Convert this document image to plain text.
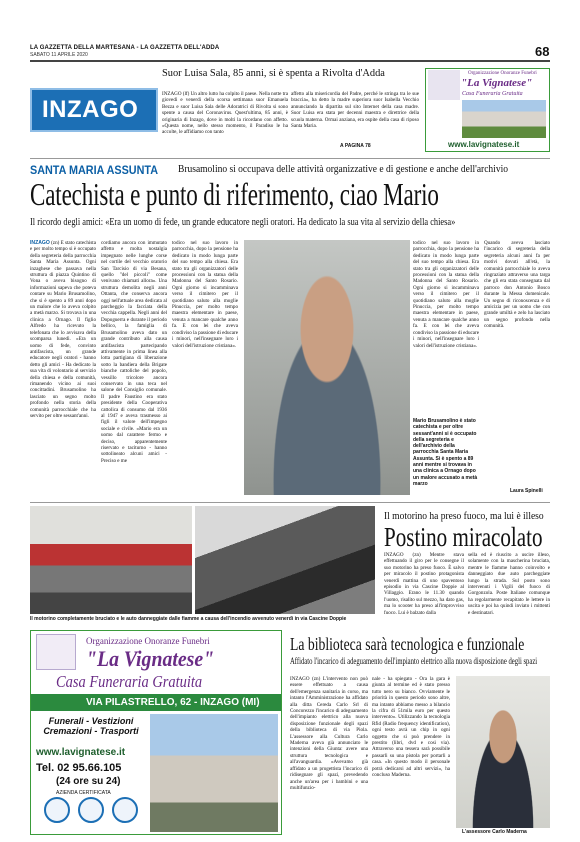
LA GAZZETTA DELLA MARTESANA - LA GAZZETTA DELL'ADDA
SABATO 11 APRILE 2020	68
INZAGO
Suor Luisa Sala, 85 anni, si è spenta a Rivolta d'Adda
INZAGO (lf) Un altro lutto ha colpito il paese. Nella notte tra giovedì e venerdì della scorsa settimana suor Emanuela Bezza e suor Luisa Sala delle Adoratrici di Rivolta si sono spente a causa del Coronavirus. Quest'ultima, 85 anni, è originaria di Inzago, dove in molti la ricordano con affetto. «Questa nome, nello stesso momento, il Paradiso le ha accolte, le affidiamo con tanto
affetto alla misericordia del Padre, perché le stringa tra le sue braccia», ha detto la madre superiora suor Isabella Vecchio annunciando la dipartita sul sito Internet della casa madre. Suor Luisa era stata per decenni maestra e direttrice della scuola materna. Ormai anziana, era ospite della casa di riposo Santa Maria.
A PAGINA 78
Organizzazione Onoranze Funebri
"La Vignatese"
Casa Funeraria Gratuita
www.lavignatese.it
SANTA MARIA ASSUNTA Brusamolino si occupava delle attività organizzative e di gestione e anche dell'archivio
Catechista e punto di riferimento, ciao Mario
Il ricordo degli amici: «Era un uomo di fede, un grande educatore negli oratori. Ha dedicato la sua vita al servizio della chiesa»
INZAGO (zn) È stato catechista e per molto tempo si è occupato della segreteria della parrocchia Santa Maria Assunta. Ogni inzaghese che passava nella struttura di piazza Quintino di Vona o aveva bisogno di informazioni sapeva che poteva contare su Mario Brusamolino, che si è spento a 89 anni dopo un malore che lo aveva colpito a metà marzo. Si trovava in una clinica a Ornago. Il figlio Alfredo ha ricevuto la telefonata che lo avvisava della scomparsa lunedì. «Era un uomo di fede, convinto antifascista, un grande educatore negli oratori - hanno detto gli amici - Ha dedicato la sua vita di volontario al servizio della chiesa e della comunità, rimanendo vicino ai suoi concittadini. Brusamolino ha lasciato un segno molto profondo nella storia della comunità parrocchiale che ha servito per oltre sessant'anni.
cordiamo ancora con immutato affetto e molta nostalgia impegnato nelle lunghe corse nel cortile del vecchio oratorio San Tarcisio di via Besana, quello "del piccoli" come venivano chiamati allora». Una struttura demolita negli anni Ottanta, che conserva ancora oggi nell'attuale area dedicata al parcheggio la facciata della vecchia cappella. Negli anni del Dopoguerra e durante il periodo bellico, la famiglia di Brusamolino aveva dato un grande contributo alla causa antifascista partecipando attivamente in prima linea alla lotta partigiana di liberazione sotto la bandiera della Brigate bianche cattoliche del popolo, vessillo tricolore ancora conservato in una teca nel salone del Consiglio comunale. Il padre Faustino era stato presidente della Cooperativa cattolica di consumo dal 1936 al 1947 e aveva trasmesso ai figli il valore dell'impegno sociale e civile. «Mario era un uomo dal carattere fermo e deciso, apparentemente riservato e taciturno - hanno sottolineato alcuni amici - Preciso e me
todico nel suo lavoro in parrocchia, dopo la pensione ha dedicato in modo lunga parte del suo tempo alla chiesa. Era stato tra gli organizzatori delle processioni con la statua della Madonna del Santo Rosario. Ogni giorno si incamminava verso il cimitero per il quotidiano saluto alla moglie Pinuccia, per molto tempo maestra elementare in paese, venuta a mancare qualche anno fa. E con lei che aveva condiviso la passione di educare i minori, nell'insegnare loro i valori dell'istruzione cristiana».
todico nel suo lavoro in parrocchia, dopo la pensione ha dedicato in modo lunga parte del suo tempo alla chiesa. Era stato tra gli organizzatori delle processioni con la statua della Madonna del Santo Rosario. Ogni giorno si incamminava verso il cimitero per il quotidiano saluto alla moglie Pinuccia, per molto tempo maestra elementare in paese, venuta a mancare qualche anno fa. E con lei che aveva condiviso la passione di educare i minori, nell'insegnare loro i valori dell'istruzione cristiana».
Mario Brusamolino è stato catechista e per oltre sessant'anni si è occupato della segreteria e dell'archivio della parrocchia Santa Maria Assunta. Si è spento a 89 anni mentre si trovava in una clinica a Ornago dopo un malore accusato a metà marzo
Quando aveva lasciato l'incarico di segreteria della segreteria alcuni anni fa per motivi dovuti all'età, la comunità parrocchiale lo aveva ringraziato attraverso una targa che gli era stata consegnata dal parroco don Antonio Bosco durante la Messa domenicale. Un segno di riconoscenza e di amicizia per un uomo che con grande umiltà e zelo ha lasciato un segno profondo nella comunità.
Laura Spinelli
Il motorino completamente bruciato e le auto danneggiate dalle fiamme a causa dell'incendio avvenuto venerdì in via Cascine Doppie
Il motorino ha preso fuoco, ma lui è illeso
Postino miracolato
INZAGO (zn) Mentre stava effettuando il giro per le consegne il suo motorino ha preso fuoco. È salvo per miracolo il postino protagonista venerdì mattina di uno spaventoso episodio in via Cascine Doppie al Villaggio. Erano le 11.30 quando l'uomo, risalito sul mezzo, ha dato gas, ma lo scooter ha preso all'improvviso fuoco. Lui è balzato dalla
sella ed è riuscito a uscire illeso, solamente con la mascherina bruciata, mentre le fiamme hanno coinvolto e danneggiato due auto parcheggiate lungo la strada. Sul posto sono intervenuti i Vigili del fuoco di Gorgonzola. Poste Italiane comunque ha regolarmente recapitato le lettere in uscita e poi ha quindi inviato i mittenti e destinatari.
Organizzazione Onoranze Funebri
"La Vignatese"
Casa Funeraria Gratuita
VIA PILASTRELLO, 62 - INZAGO (MI)
Funerali - Vestizioni Cremazioni - Trasporti
www.lavignatese.it
Tel. 02 95.66.105
(24 ore su 24)
AZIENDA CERTIFICATA
La biblioteca sarà tecnologica e funzionale
Affidato l'incarico di adeguamento dell'impianto elettrico alla nuova disposizione degli spazi
INZAGO (zn) L'intervento non può essere effettuato a causa dell'emergenza sanitaria in corso, ma intanto l'Amministrazione ha affidato alla ditta Cereda Carlo Srl di Concorezzo l'incarico di adeguamento dell'impianto elettrico alla nuova disposizione funzionale degli spazi della biblioteca di via Piola. L'assessore alla Cultura Carlo Maderna aveva già annunciato le intenzioni della Giunta: avere una struttura tecnologica e all'avanguardia. «Avevamo già affidato a un progettista l'incarico di ridisegnare gli spazi, prevedendo anche un'area per i bambini e una multifunzio-
nale - ha spiegato - Ora la gara è giunta al termine ed è stato presso tutto nero su bianco. Ovviamente le priorità in questo periodo sono altre, ma intanto abbiamo messo a bilancio la cifra di 51mila euro per questo intervento». Utilizzando la tecnologia Rfid (Radio frequency identification), ogni testo avrà un chip in ogni oggetto che si può prendere in prestito (libri, dvd e così via). Attraverso una tessera sarà possibile passarli su una pistola per portarli a casa. «In questo modo il personale potrà dedicarsi ad altri servizi», ha concluso Maderna.
L'assessore Carlo Maderna
